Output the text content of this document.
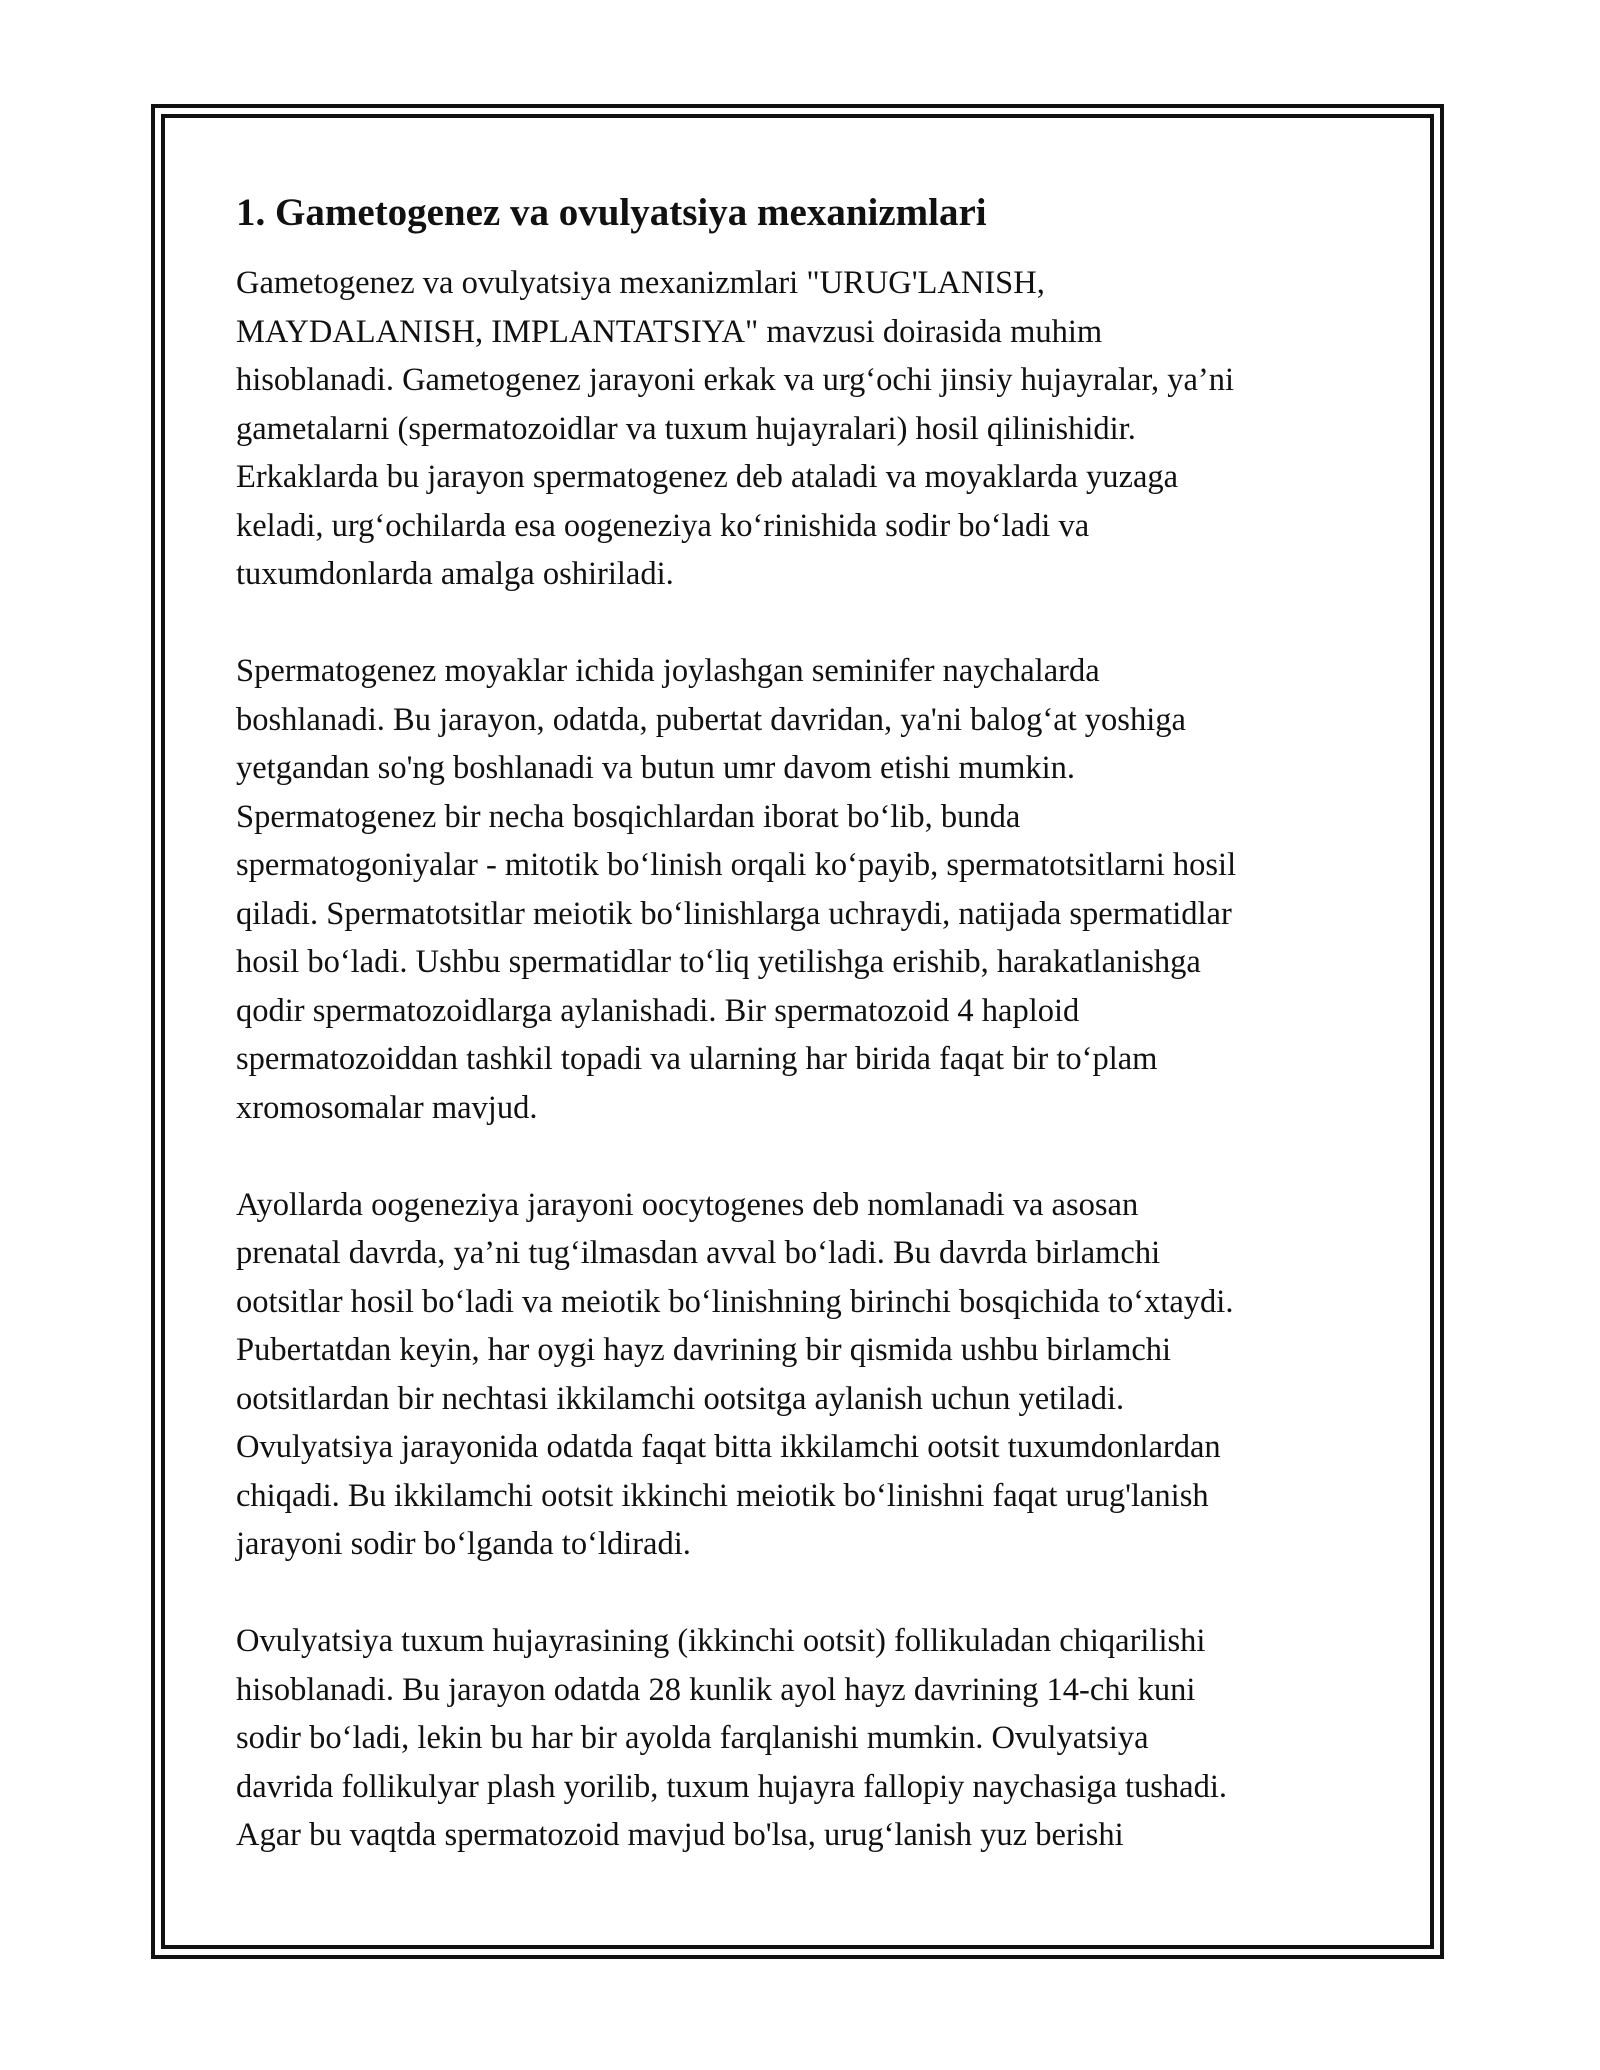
1. Gametogenez va ovulyatsiya mexanizmlari

Gametogenez va ovulyatsiya mexanizmlari "URUG'LANISH,
MAYDALANISH, IMPLANTATSIYA" mavzusi doirasida muhim
hisoblanadi. Gametogenez jarayoni erkak va urg‘ochi jinsiy hujayralar, ya’ni
gametalarni (spermatozoidlar va tuxum hujayralari) hosil qilinishidir.
Erkaklarda bu jarayon spermatogenez deb ataladi va moyaklarda yuzaga
keladi, urg‘ochilarda esa oogeneziya ko‘rinishida sodir bo‘ladi va
tuxumdonlarda amalga oshiriladi.

Spermatogenez moyaklar ichida joylashgan seminifer naychalarda
boshlanadi. Bu jarayon, odatda, pubertat davridan, ya'ni balog‘at yoshiga
yetgandan so'ng boshlanadi va butun umr davom etishi mumkin.
Spermatogenez bir necha bosqichlardan iborat bo‘lib, bunda
spermatogoniyalar - mitotik bo‘linish orqali ko‘payib, spermatotsitlarni hosil
qiladi. Spermatotsitlar meiotik bo‘linishlarga uchraydi, natijada spermatidlar
hosil bo‘ladi. Ushbu spermatidlar to‘liq yetilishga erishib, harakatlanishga
qodir spermatozoidlarga aylanishadi. Bir spermatozoid 4 haploid
spermatozoiddan tashkil topadi va ularning har birida faqat bir to‘plam
xromosomalar mavjud.

Ayollarda oogeneziya jarayoni oocytogenes deb nomlanadi va asosan
prenatal davrda, ya’ni tug‘ilmasdan avval bo‘ladi. Bu davrda birlamchi
ootsitlar hosil bo‘ladi va meiotik bo‘linishning birinchi bosqichida to‘xtaydi.
Pubertatdan keyin, har oygi hayz davrining bir qismida ushbu birlamchi
ootsitlardan bir nechtasi ikkilamchi ootsitga aylanish uchun yetiladi.
Ovulyatsiya jarayonida odatda faqat bitta ikkilamchi ootsit tuxumdonlardan
chiqadi. Bu ikkilamchi ootsit ikkinchi meiotik bo‘linishni faqat urug'lanish
jarayoni sodir bo‘lganda to‘ldiradi.

Ovulyatsiya tuxum hujayrasining (ikkinchi ootsit) follikuladan chiqarilishi
hisoblanadi. Bu jarayon odatda 28 kunlik ayol hayz davrining 14-chi kuni
sodir bo‘ladi, lekin bu har bir ayolda farqlanishi mumkin. Ovulyatsiya
davrida follikulyar plash yorilib, tuxum hujayra fallopiy naychasiga tushadi.
Agar bu vaqtda spermatozoid mavjud bo'lsa, urug‘lanish yuz berishi
